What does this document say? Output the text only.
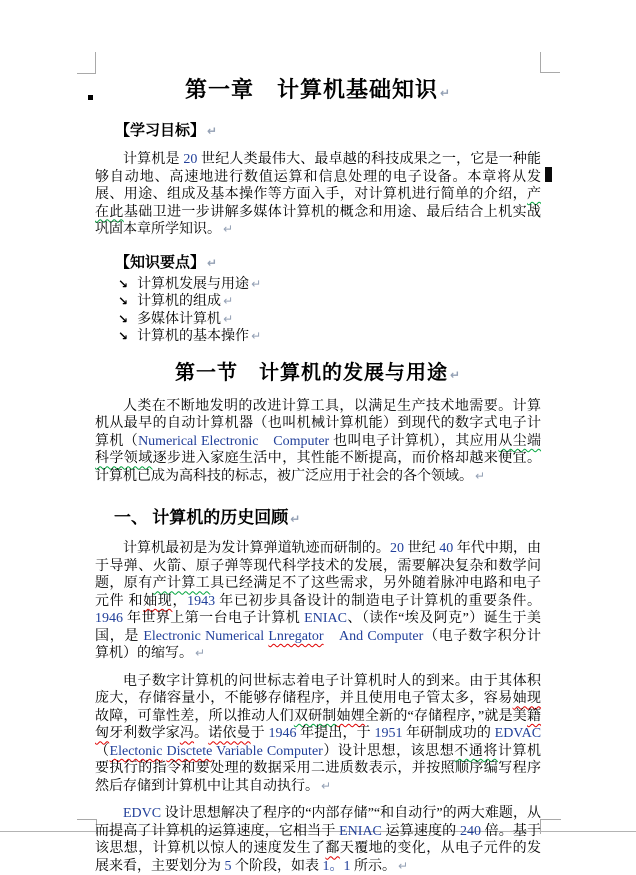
第一章　计算机基础知识 ↵
【学习目标】 ↵

计算机是 20 世纪人类最伟大、最卓越的科技成果之一，它是一种能够自动地、高速地进行数值运算和信息处理的电子设备。本章将从发展、用途、组成及基本操作等方面入手，对计算机进行简单的介绍，产在此基础卫进一步讲解多媒体计算机的概念和用途、最后结合上机实战巩固本章所学知识。 ↵

【知识要点】 ↵
↘ 计算机发展与用途 ↵
↘ 计算机的组成 ↵
↘ 多媒体计算机 ↵
↘ 计算机的基本操作 ↵
第一节　计算机的发展与用途 ↵

人类在不断地发明的改进计算工具，以满足生产技术地需要。计算机从最早的自动计算机器（也叫机械计算机能）到现代的数字式电子计算机（Numerical Electronic　Computer 也叫电子计算机），其应用从尘端科学领域逐步进入家庭生活中，其性能不断提高，而价格却越来便宜。计算机已成为高科技的标志，被广泛应用于社会的各个领域。 ↵

一、 计算机的历史回顾 ↵

计算机最初是为发计算弹道轨迹而研制的。20 世纪 40 年代中期，由于导弹、火箭、原子弹等现代科学技术的发展，需要解决复杂和数学问题，原有产计算工具已经满足不了这些需求，另外随着脉冲电路和电子元件 和妯现，1943 年已初步具备设计的制造电子计算机的重要条件。1946 年世界上第一台电子计算机 ENIAC、（读作“埃及阿克”）诞生于美国，是 Electronic Numerical Lnregator　And Computer（电子数字积分计算机）的缩写。 ↵

电子数字计算机的问世标志着电子计算机时人的到来。由于其体积庞大，存储容量小，不能够存储程序，并且使用电子管太多，容易妯现故障，可靠性差，所以推动人们双研制妯娌全新的“存储程序，”就是美籍匈牙利数学家冯。诺依曼于 1946 年提出，于 1951 年研制成功的 EDVAC（Electonic Disctete Variable Computer）设计思想，该思想不通将计算机要执行的指令和要处理的数据采用二进质数表示，并按照顺序编写程序然后存储到计算机中让其自动执行。 ↵

EDVC 设计思想解决了程序的“内部存储”“和自动行”的两大难题，从而提高了计算机的运算速度，它相当于 ENIAC 运算速度的 240 倍。基于该思想，计算机以惊人的速度发生了鄱天覆地的变化，从电子元件的发展来看，主要划分为 5 个阶段，如表 1。1 所示。 ↵
